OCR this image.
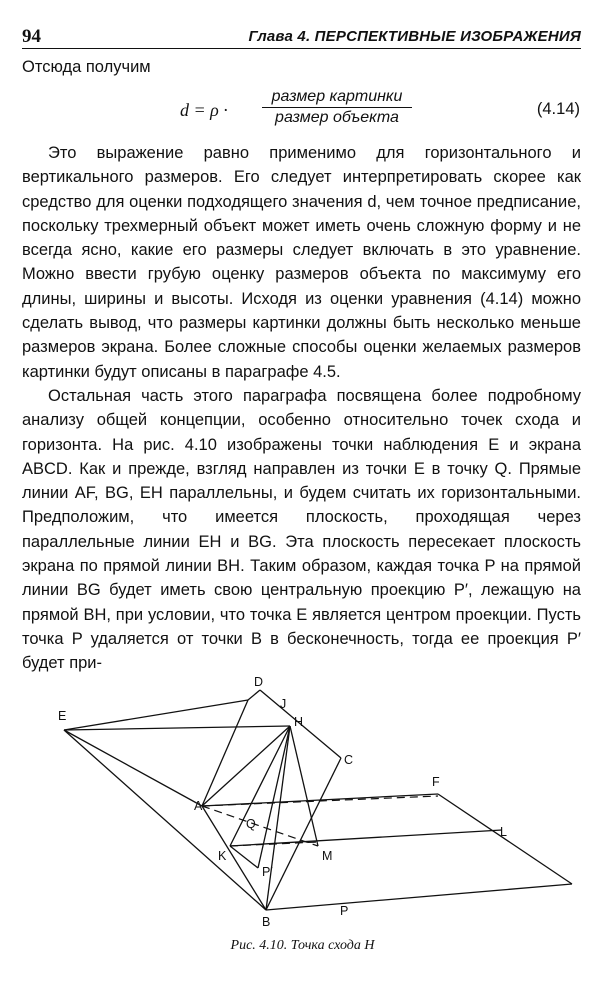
94	Глава 4. ПЕРСПЕКТИВНЫЕ ИЗОБРАЖЕНИЯ
Отсюда получим
d = ρ ·
размер картинки
размер объекта	(4.14)

Это выражение равно применимо для горизонтального и вертикального размеров. Его следует интерпретировать скорее как средство для оценки подходящего значения d, чем точное предписание, поскольку трехмерный объект может иметь очень сложную форму и не всегда ясно, какие его размеры следует включать в это уравнение. Можно ввести грубую оценку размеров объекта по максимуму его длины, ширины и высоты. Исходя из оценки уравнения (4.14) можно сделать вывод, что размеры картинки должны быть несколько меньше размеров экрана. Более сложные способы оценки желаемых размеров картинки будут описаны в параграфе 4.5.

Остальная часть этого параграфа посвящена более подробному анализу общей концепции, особенно относительно точек схода и горизонта. На рис. 4.10 изображены точки наблюдения E и экрана ABCD. Как и прежде, взгляд направлен из точки E в точку Q. Прямые линии AF, BG, EH параллельны, и будем считать их горизонтальными. Предположим, что имеется плоскость, проходящая через параллельные линии EH и BG. Эта плоскость пересекает плоскость экрана по прямой линии BH. Таким образом, каждая точка P на прямой линии BG будет иметь свою центральную проекцию P′, лежащую на прямой BH, при условии, что точка E является центром проекции. Пусть точка P удаляется от точки B в бесконечность, тогда ее проекция P′ будет при-

E
D
J
H
C
F
A
Q
L
K	M
P′
B
P
Рис. 4.10. Точка схода H
